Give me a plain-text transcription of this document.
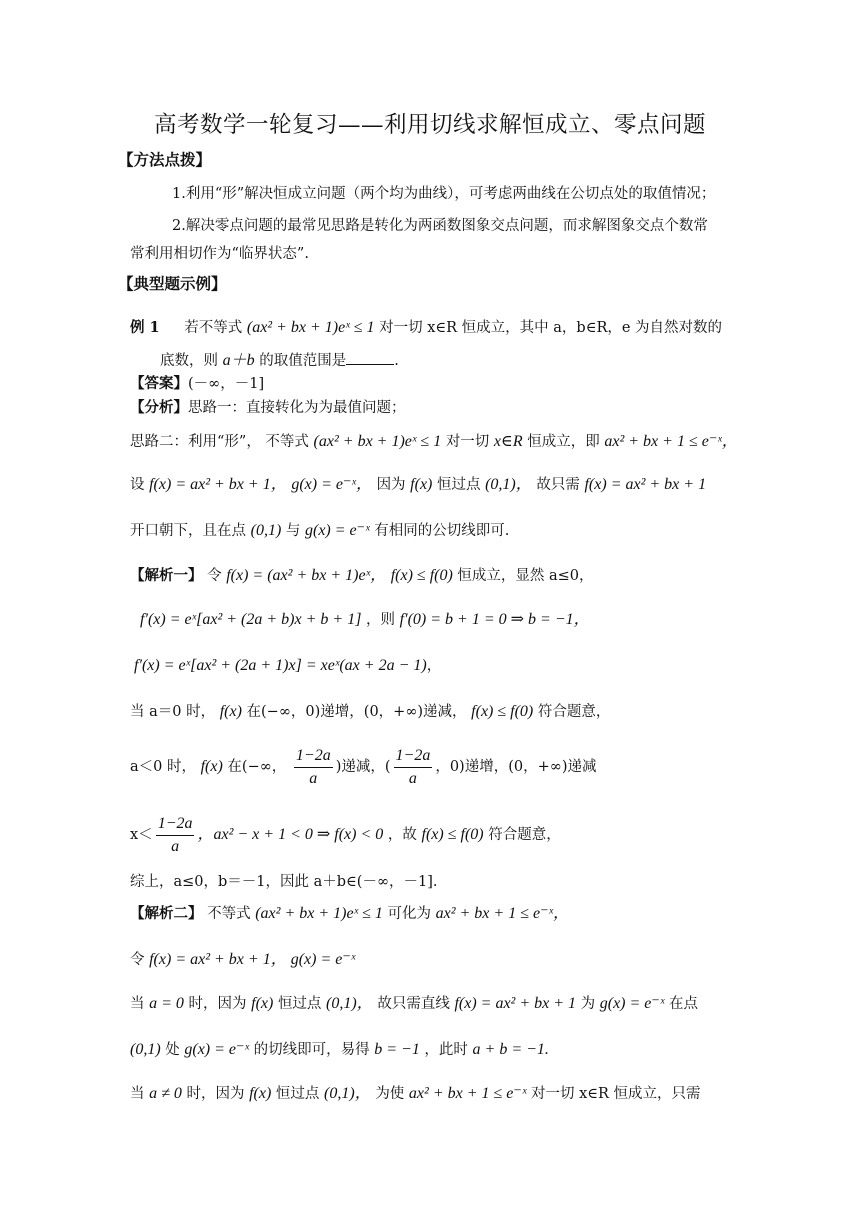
高考数学一轮复习——利用切线求解恒成立、零点问题
【方法点拨】
1.利用“形”解决恒成立问题（两个均为曲线），可考虑两曲线在公切点处的取值情况；
2.解决零点问题的最常见思路是转化为两函数图象交点问题，而求解图象交点个数常
常利用相切作为“临界状态”.
【典型题示例】
例 1 若不等式 (ax² + bx + 1)eˣ ≤ 1 对一切 x∈R 恒成立，其中 a，b∈R，e 为自然对数的
底数，则 a＋b 的取值范围是	.
【答案】(－∞，－1]
【分析】思路一：直接转化为为最值问题；
思路二：利用“形”， 不等式 (ax² + bx + 1)eˣ ≤ 1 对一切 x∈R 恒成立，即 ax² + bx + 1 ≤ e⁻ˣ，
设 f(x) = ax² + bx + 1， g(x) = e⁻ˣ， 因为 f(x) 恒过点 (0,1)， 故只需 f(x) = ax² + bx + 1
开口朝下，且在点 (0,1) 与 g(x) = e⁻ˣ 有相同的公切线即可.
【解析一】 令 f(x) = (ax² + bx + 1)eˣ， f(x) ≤ f(0) 恒成立，显然 a≤0，
f′(x) = eˣ[ax² + (2a + b)x + b + 1] ，则 f′(0) = b + 1 = 0 ⇒ b = −1，
f′(x) = eˣ[ax² + (2a + 1)x] = xeˣ(ax + 2a − 1)，
当 a＝0 时， f(x) 在(−∞，0)递增，(0，+∞)递减， f(x) ≤ f(0) 符合题意，
a＜0 时， f(x) 在(−∞， $\frac{1-2a}{a}$ )递减，( $\frac{1-2a}{a}$ ，0)递增，(0，+∞)递减
$x< \frac{1-2a}{a}$ ，ax² − x + 1 < 0 ⇒ f(x) < 0 ，故 f(x) ≤ f(0) 符合题意，
综上，a≤0，b＝－1，因此 a＋b∈(－∞，－1].
【解析二】 不等式 (ax² + bx + 1)eˣ ≤ 1 可化为 ax² + bx + 1 ≤ e⁻ˣ，
令 f(x) = ax² + bx + 1， g(x) = e⁻ˣ
当 a = 0 时，因为 f(x) 恒过点 (0,1)， 故只需直线 f(x) = ax² + bx + 1 为 g(x) = e⁻ˣ 在点
(0,1) 处 g(x) = e⁻ˣ 的切线即可，易得 b = −1 ，此时 a + b = −1.
当 a ≠ 0 时，因为 f(x) 恒过点 (0,1)， 为使 ax² + bx + 1 ≤ e⁻ˣ 对一切 x∈R 恒成立，只需
